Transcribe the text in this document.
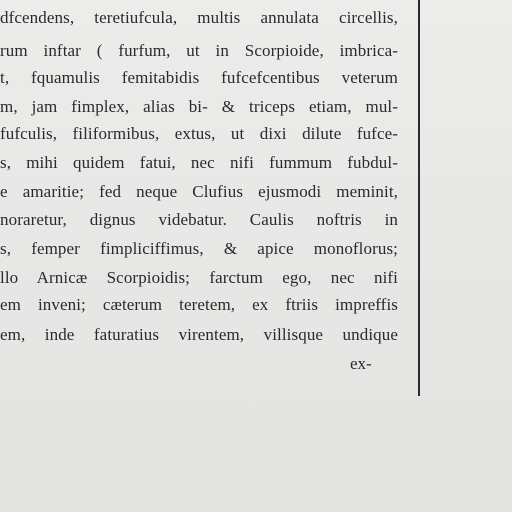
dfcendens, teretiufcula, multis annulata circellis,
rum inftar ( furfum, ut in Scorpioide, imbrica-
t, fquamulis femitabidis fufcefcentibus veterum
m, jam fimplex, alias bi- & triceps etiam, mul-
fufculis, filiformibus, extus, ut dixi dilute fufce-
s, mihi quidem fatui, nec nifi fummum fubdul-
e amaritie; fed neque Clufius ejusmodi meminit,
noraretur, dignus videbatur. Caulis noftris in
s, femper fimpliciffimus, & apice monoflorus;
llo Arnicæ Scorpioidis; farctum ego, nec nifi
em inveni; cæterum teretem, ex ftriis impreffis
em, inde faturatius virentem, villisque undique
ex-
